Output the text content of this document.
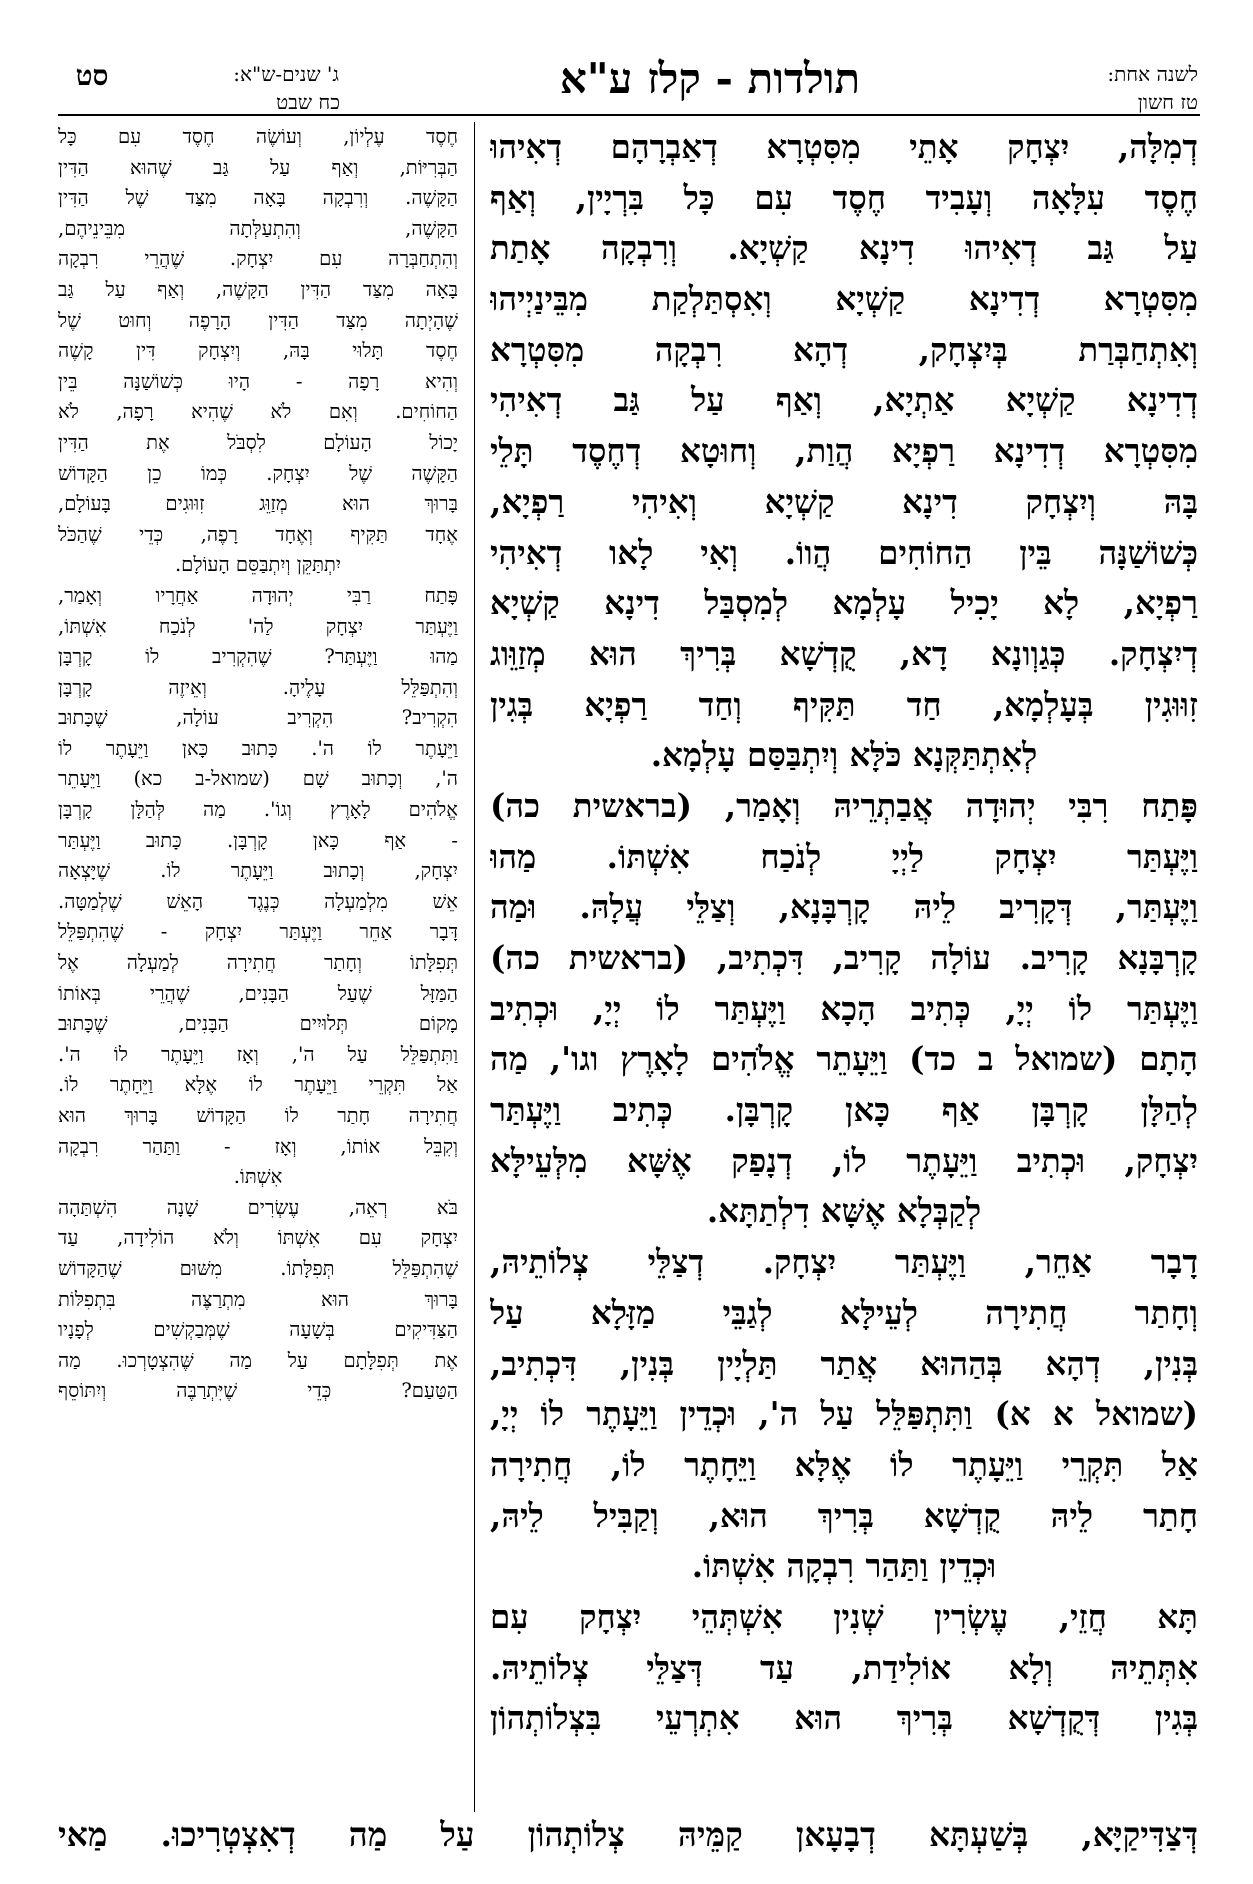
לשנה אחת:
טז חשון
תולדות - קלז ע"א
ג' שנים-ש"א:
כח שבט
סט
דְמִלָּה, יִצְחָק אָתֵי מִסִּטְרָא דְאַבְרָהָם דְאִיהוּ
חֶסֶד עִלָּאָה וְעָבִיד חֶסֶד עִם כָּל בִּרְיָין, וְאַף
עַל גַּב דְאִיהוּ דִינָא קַשְׁיָא. וְרִבְקָה אָתַת
מִסִּטְרָא דְדִינָא קַשְׁיָא וְאִסְתַּלְקַת מִבֵּינַיְיהוּ
וְאִתְחַבְּרַת בְּיִצְחָק, דְהָא רִבְקָה מִסִּטְרָא
דְדִינָא קַשְׁיָא אַתְיָא, וְאַף עַל גַּב דְאִיהִי
מִסִּטְרָא דְדִינָא רַפְיָא הֲוַת, וְחוּטָא דְחֶסֶד תָּלֵי
בָּהּ וְיִצְחָק דִינָא קַשְׁיָא וְאִיהִי רַפְיָא,
כְּשׁוֹשַׁנָּה בֵּין הַחוֹחִים הֲווֹ. וְאִי לָאו דְאִיהִי
רַפְיָא, לָא יָכִיל עָלְמָא לְמִסְבַּל דִינָא קַשְׁיָא
דְיִצְחָק. כְּגַוְונָא דָא, קֻדְשָׁא בְּרִיךְ הוּא מְזַוֵּוג
זִוּוּגִין בְּעָלְמָא, חַד תַּקִּיף וְחַד רַפְיָא בְּגִין
לְאִתְתַּקְּנָא כֹּלָּא וְיִתְבַּסַּם עָלְמָא.
פָּתַח רִבִּי יְהוּדָה אֲבַתְרֵיהּ וְאָמַר, (בראשית כה)
וַיֶּעְתַּר יִצְחָק לַיְיָ לְנֹכַח אִשְׁתּוֹ. מַהוּ
וַיֶּעְתַּר, דְּקָרִיב לֵיהּ קָרְבָּנָא, וְצַלֵּי עֲלָהּ. וּמַה
קָרְבָּנָא קָרִיב. עוֹלָה קָרִיב, דִּכְתִיב, (בראשית כה)
וַיֶּעְתַּר לוֹ יְיָ, כְּתִיב הָכָא וַיֶּעְתַּר לוֹ יְיָ, וּכְתִיב
הָתָם (שמואל ב כד) וַיֵּעָתֵר אֱלֹהִים לָאָרֶץ וגו', מַה
לְהַלָּן קָרְבָּן אַף כָּאן קָרְבָּן. כְּתִיב וַיֶּעְתַּר
יִצְחָק, וּכְתִיב וַיֵּעָתֶר לוֹ, דְנָפַק אֶשָּׁא מִלְּעֵילָּא
לְקַבְּלָא אֶשָּׁא דִלְתַתָּא.
דָבָר אַחֵר, וַיֶּעְתַּר יִצְחָק. דְצַלֵּי צְלוֹתֵיהּ,
וְחָתַר חֲתִירָה לְעֵילָּא לְגַבֵּי מַזָּלָא עַל
בְּנִין, דְהָא בְּהַהוּא אֲתַר תַּלְיָין בְּנִין, דִּכְתִיב,
(שמואל א א) וַתִּתְפַּלֵּל עַל ה', וּכְדֵין וַיֵּעָתֶר לוֹ יְיָ,
אַל תִּקְרֵי וַיֵּעָתֶר לוֹ אֶלָּא וַיֵּחָתֶר לוֹ, חֲתִירָה
חָתַר לֵיהּ קֻדְשָׁא בְּרִיךְ הוּא, וְקַבִּיל לֵיהּ,
וּכְדֵין וַתַּהַר רִבְקָה אִשְׁתּוֹ.
תָּא חֲזֵי, עֶשְׂרִין שְׁנִין אִשְׁתְּהֵי יִצְחָק עִם
אִתְּתֵיהּ וְלָא אוֹלִידַת, עַד דְּצַלֵּי צְלוֹתֵיהּ.
בְּגִין דְּקֻדְשָׁא בְּרִיךְ הוּא אִתְרְעֵי בִּצְלוֹתְהוֹן
חֶסֶד עֶלְיוֹן, וְעוֹשֶׂה חֶסֶד עִם כָּל
הַבְּרִיּוֹת, וְאַף עַל גַּב שֶׁהוּא הַדִּין
הַקָּשֶׁה. וְרִבְקָה בָּאָה מִצַּד שֶׁל הַדִּין
הַקָּשֶׁה, וְהִתְעַלְּתָה מִבֵּינֵיהֶם,
וְהִתְחַבְּרָה עִם יִצְחָק. שֶׁהֲרֵי רִבְקָה
בָּאָה מִצַּד הַדִּין הַקָּשֶׁה, וְאַף עַל גַּב
שֶׁהָיְתָה מִצַּד הַדִּין הָרָפֶה וְחוּט שֶׁל
חֶסֶד תָּלוּי בָּהּ, וְיִצְחָק דִּין קָשֶׁה
וְהִיא רָפָה - הָיוּ כְּשׁוֹשַׁנָּה בֵּין
הַחוֹחִים. וְאִם לֹא שֶׁהִיא רָפָה, לֹא
יָכוֹל הָעוֹלָם לִסְבֹּל אֶת הַדִּין
הַקָּשֶׁה שֶׁל יִצְחָק. כְּמוֹ כֵן הַקָּדוֹשׁ
בָּרוּךְ הוּא מְזַוֵּג זִוּוּגִים בָּעוֹלָם,
אֶחָד תַּקִּיף וְאֶחָד רָפֶה, כְּדֵי שֶׁהַכֹּל
יִתְתַּקֵּן וְיִתְבַּסֵּם הָעוֹלָם.
פָּתַח רַבִּי יְהוּדָה אַחֲרָיו וְאָמַר,
וַיֶּעְתַּר יִצְחָק לַה' לְנֹכַח אִשְׁתּוֹ,
מַהוּ וַיֶּעְתַּר? שֶׁהִקְרִיב לוֹ קָרְבָּן
וְהִתְפַּלֵּל עָלֶיהָ. וְאֵיזֶה קָרְבָּן
הִקְרִיב? הִקְרִיב עוֹלָה, שֶׁכָּתוּב
וַיֵּעָתֶר לוֹ ה'. כָּתוּב כָּאן וַיֵּעָתֶר לוֹ
ה', וְכָתוּב שָׁם (שמואל-ב כא) וַיֵּעָתֵר
אֱלֹהִים לָאָרֶץ וְגוֹ'. מַה לְּהַלָּן קָרְבָּן
- אַף כָּאן קָרְבָּן. כָּתוּב וַיֶּעְתַּר
יִצְחָק, וְכָתוּב וַיֵּעָתֶר לוֹ. שֶׁיָּצְאָה
אֵשׁ מִלְמַעְלָה כְּנֶגֶד הָאֵשׁ שֶׁלְמַטָּה.
דָּבָר אַחֵר וַיֶּעְתַּר יִצְחָק - שֶׁהִתְפַּלֵּל
תְּפִלָּתוֹ וְחָתַר חֲתִירָה לְמַעְלָה אֶל
הַמַּזָּל שֶׁעַל הַבָּנִים, שֶׁהֲרֵי בְּאוֹתוֹ
מָקוֹם תְּלוּיִים הַבָּנִים, שֶׁכָּתוּב
וַתִּתְפַּלֵּל עַל ה', וְאָז וַיֵּעָתֶר לוֹ ה'.
אַל תִּקְרֵי וַיֵּעָתֶר לוֹ אֶלָּא וַיֵּחָתֶר לוֹ.
חֲתִירָה חָתַר לוֹ הַקָּדוֹשׁ בָּרוּךְ הוּא
וְקִבֵּל אוֹתוֹ, וְאָז - וַתַּהַר רִבְקָה
אִשְׁתּוֹ.
בֹּא רְאֵה, עֶשְׂרִים שָׁנָה הִשְׁתַּהָה
יִצְחָק עִם אִשְׁתּוֹ וְלֹא הוֹלִידָה, עַד
שֶׁהִתְפַּלֵּל תְּפִלָּתוֹ. מִשּׁוּם שֶׁהַקָּדוֹשׁ
בָּרוּךְ הוּא מִתְרַצֶּה בִּתְפִלּוֹת
הַצַּדִּיקִים בְּשָׁעָה שֶׁמְּבַקְשִׁים לְפָנָיו
אֶת תְּפִלָּתָם עַל מַה שֶּׁהִצְטָרְכוּ. מַה
הַטַּעַם? כְּדֵי שֶׁיִּתְרַבֶּה וְיִתּוֹסֵף
דְּצַדִּיקַיָּא, בְּשַׁעְתָּא דְבָעָאן קַמֵּיהּ צְלוֹתְהוֹן עַל מַה דְאִצְטְרִיכוּ. מַאי
